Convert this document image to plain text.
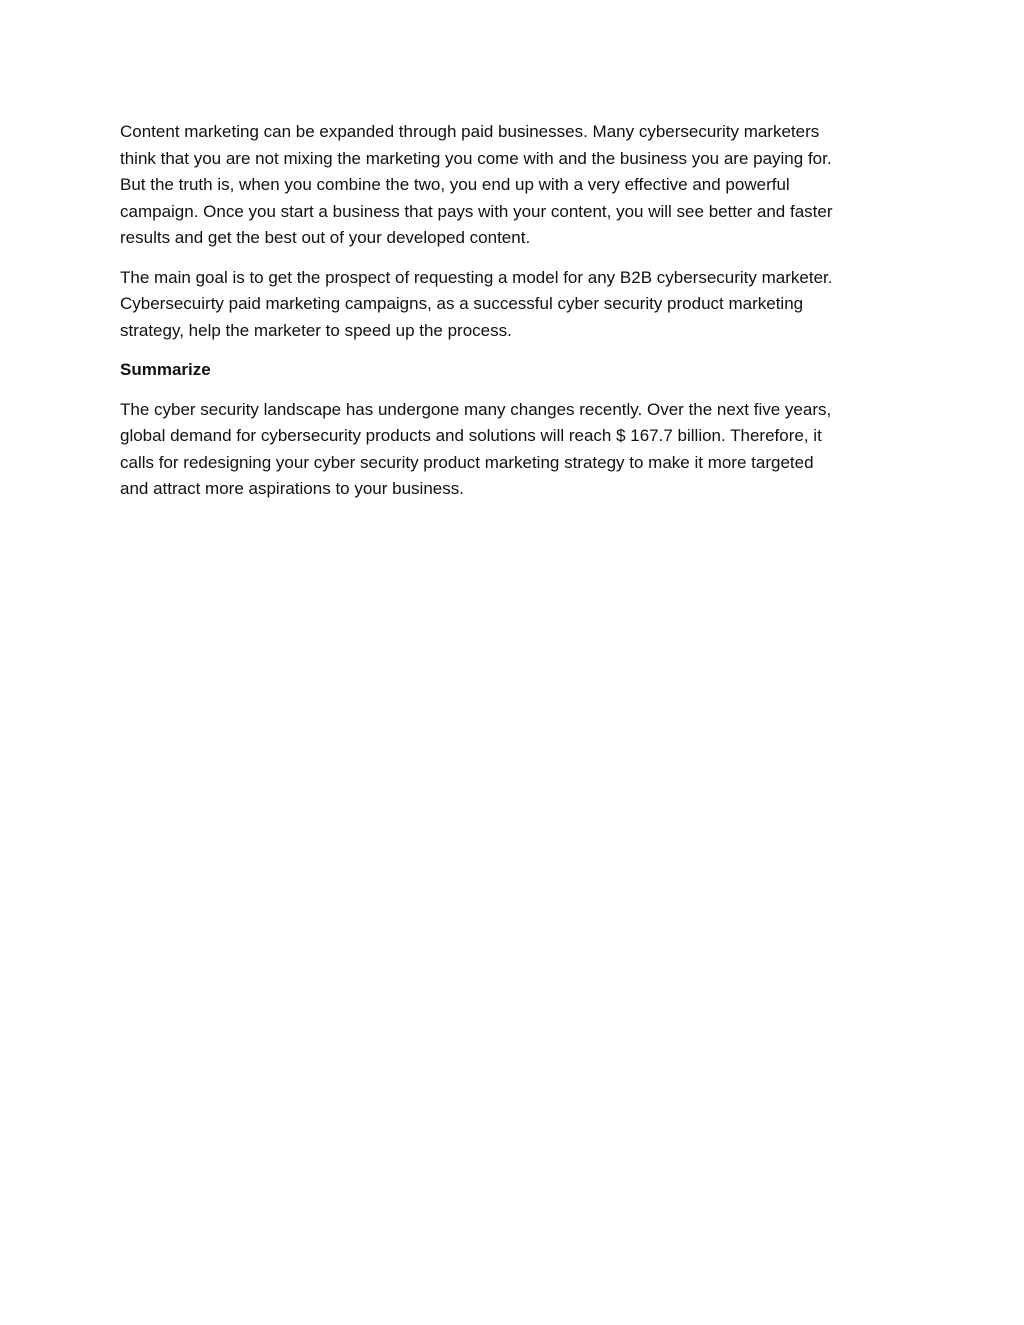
Content marketing can be expanded through paid businesses. Many cybersecurity marketers
think that you are not mixing the marketing you come with and the business you are paying for.
But the truth is, when you combine the two, you end up with a very effective and powerful
campaign. Once you start a business that pays with your content, you will see better and faster
results and get the best out of your developed content.

The main goal is to get the prospect of requesting a model for any B2B cybersecurity marketer.
Cybersecuirty paid marketing campaigns, as a successful cyber security product marketing
strategy, help the marketer to speed up the process.

Summarize

The cyber security landscape has undergone many changes recently. Over the next five years,
global demand for cybersecurity products and solutions will reach $ 167.7 billion. Therefore, it
calls for redesigning your cyber security product marketing strategy to make it more targeted
and attract more aspirations to your business.
